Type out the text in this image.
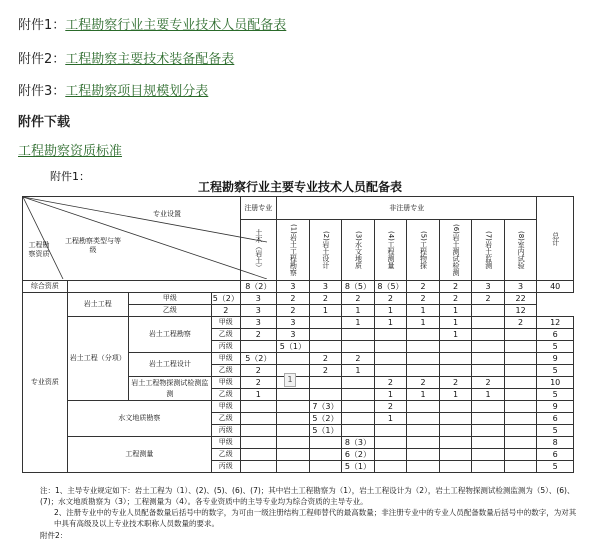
附件1：工程勘察行业主要专业技术人员配备表
附件2：工程勘察主要技术装备配备表
附件3：工程勘察项目规模划分表
附件下载
工程勘察资质标准
附件1：
工程勘察行业主要专业技术人员配备表
专业设置
工程勘察类型与等级
工程勘察资质				注册专业	非注册专业								总计
				土木（岩土）	(1)岩土工程勘察	(2)岩土设计	(3)水文地质	(4)工程测量	(5)工程物探	(6)岩土测试检测	(7)岩土监测	(8)室内试验	
综合资质				8（2）	3	3	8（5）	8（5）	2	2	3	3	40
专业资质	岩土工程	甲级	5（2）	3	2	2	2	2	2	2	2	22	
		乙级	2	3	2	1	1	1	1	1		12	
	岩土工程（分项）	岩土工程勘察	甲级	3	3		1	1	1	1		2	12
			乙级	2	3					1			6
			丙级		5（1）								5
		岩土工程设计	甲级	5（2）		2	2						9
			乙级	2		2	1						5
		岩土工程物探测试检测监测	甲级	2				2	2	2	2		10
			乙级	1				1	1	1	1		5
	水文地质勘察		甲级			7（3）		2					9
			乙级			5（2）		1					6
			丙级			5（1）							5
	工程测量		甲级				8（3）						8
			乙级				6（2）						6
			丙级				5（1）						5
1
注：1、主导专业规定如下：岩土工程为（1）、(2)、(5)、(6)、(7)；其中岩土工程勘察为（1），岩土工程设计为（2），岩土工程物探测试检测监测为（5）、(6)、(7)；水文地质勘察为（3）；工程测量为（4）。各专业资质中的主导专业均为综合资质的主导专业。
2、注册专业中的专业人员配备数量后括号中的数字，为可由一级注册结构工程师替代的最高数量；非注册专业中的专业人员配备数量后括号中的数字，为对其中具有高级及以上专业技术职称人员数量的要求。
附件2：
